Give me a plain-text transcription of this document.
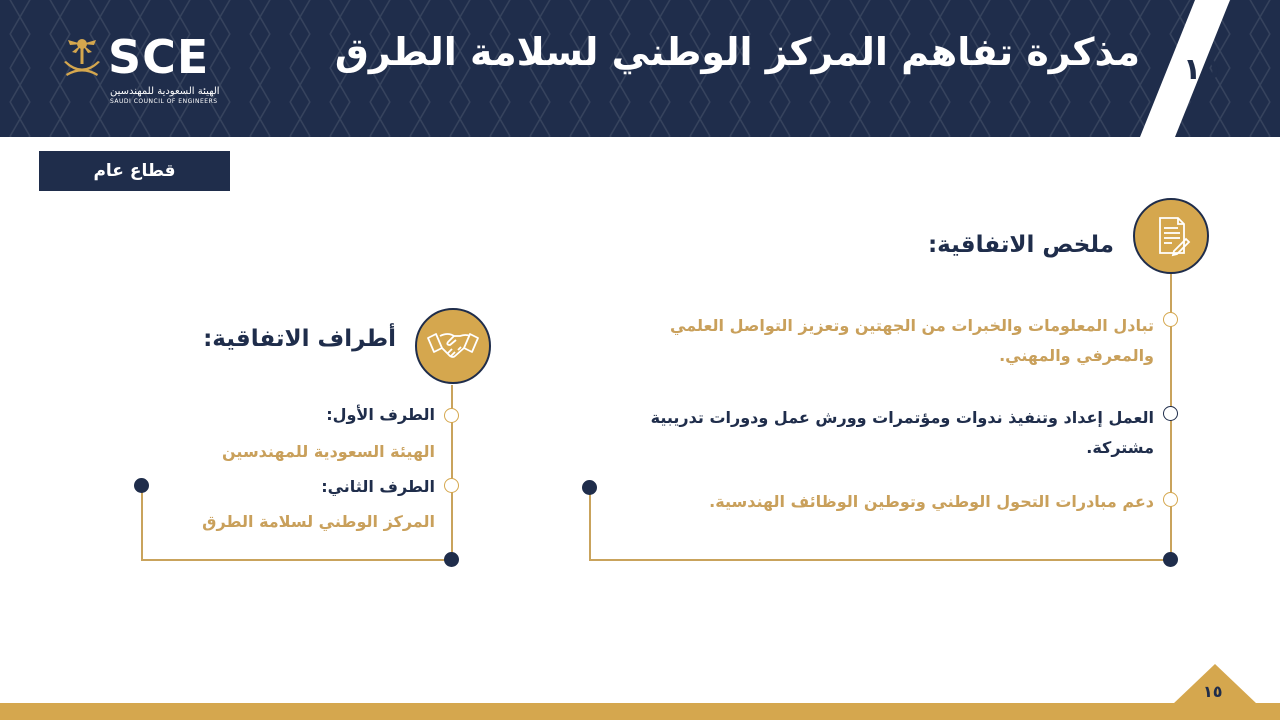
مذكرة تفاهم المركز الوطني لسلامة الطرق ١٥
SCE
الهيئة السعودية للمهندسين
SAUDI COUNCIL OF ENGINEERS
قطاع عام
ملخص الاتفاقية:
تبادل المعلومات والخبرات من الجهتين وتعزيز التواصل العلمي والمعرفي والمهني.
العمل إعداد وتنفيذ ندوات ومؤتمرات وورش عمل ودورات تدريبية مشتركة.
دعم مبادرات التحول الوطني وتوطين الوظائف الهندسية.
أطراف الاتفاقية:
الطرف الأول:
الهيئة السعودية للمهندسين
الطرف الثاني:
المركز الوطني لسلامة الطرق
١٥
